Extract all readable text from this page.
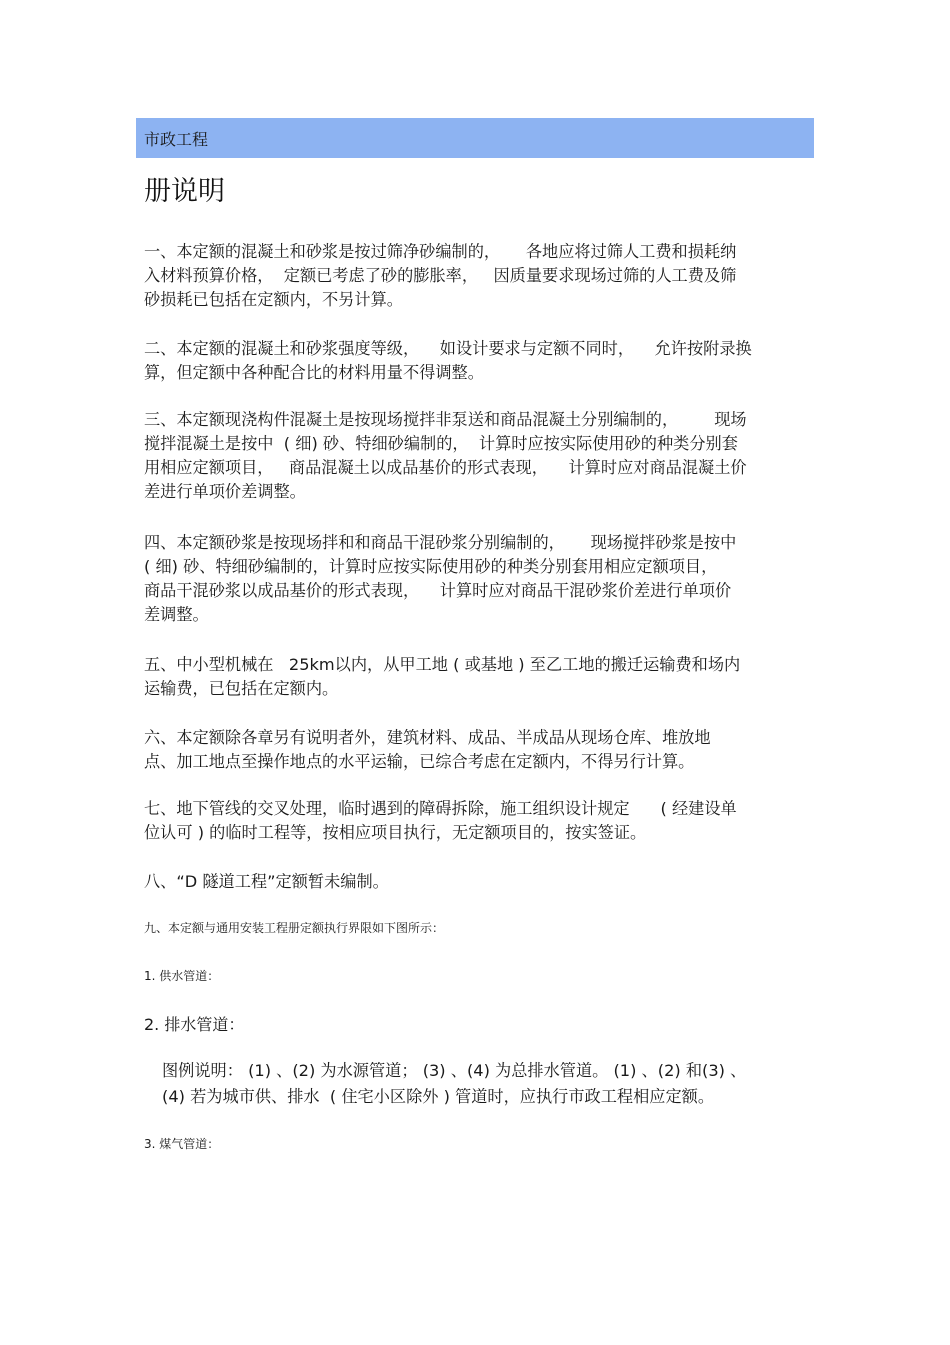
市政工程
册说明
一、本定额的混凝土和砂浆是按过筛净砂编制的，     各地应将过筛人工费和损耗纳
入材料预算价格，  定额已考虑了砂的膨胀率，   因质量要求现场过筛的人工费及筛
砂损耗已包括在定额内，不另计算。
二、本定额的混凝土和砂浆强度等级，    如设计要求与定额不同时，    允许按附录换
算，但定额中各种配合比的材料用量不得调整。
三、本定额现浇构件混凝土是按现场搅拌非泵送和商品混凝土分别编制的，       现场
搅拌混凝土是按中  ( 细) 砂、特细砂编制的，  计算时应按实际使用砂的种类分别套
用相应定额项目，   商品混凝土以成品基价的形式表现，    计算时应对商品混凝土价
差进行单项价差调整。
四、本定额砂浆是按现场拌和和商品干混砂浆分别编制的，     现场搅拌砂浆是按中
( 细) 砂、特细砂编制的，计算时应按实际使用砂的种类分别套用相应定额项目，
商品干混砂浆以成品基价的形式表现，    计算时应对商品干混砂浆价差进行单项价
差调整。
五、中小型机械在   25km以内，从甲工地 ( 或基地 ) 至乙工地的搬迁运输费和场内
运输费，已包括在定额内。
六、本定额除各章另有说明者外，建筑材料、成品、半成品从现场仓库、堆放地
点、加工地点至操作地点的水平运输，已综合考虑在定额内，不得另行计算。
七、地下管线的交叉处理，临时遇到的障碍拆除，施工组织设计规定      ( 经建设单
位认可 ) 的临时工程等，按相应项目执行，无定额项目的，按实签证。
八、“D 隧道工程”定额暂未编制。
九、本定额与通用安装工程册定额执行界限如下图所示：
1. 供水管道：
2. 排水管道：
图例说明： (1) 、(2) 为水源管道； (3) 、(4) 为总排水管道。 (1) 、(2) 和(3) 、
(4) 若为城市供、排水  ( 住宅小区除外 ) 管道时，应执行市政工程相应定额。
3. 煤气管道：
